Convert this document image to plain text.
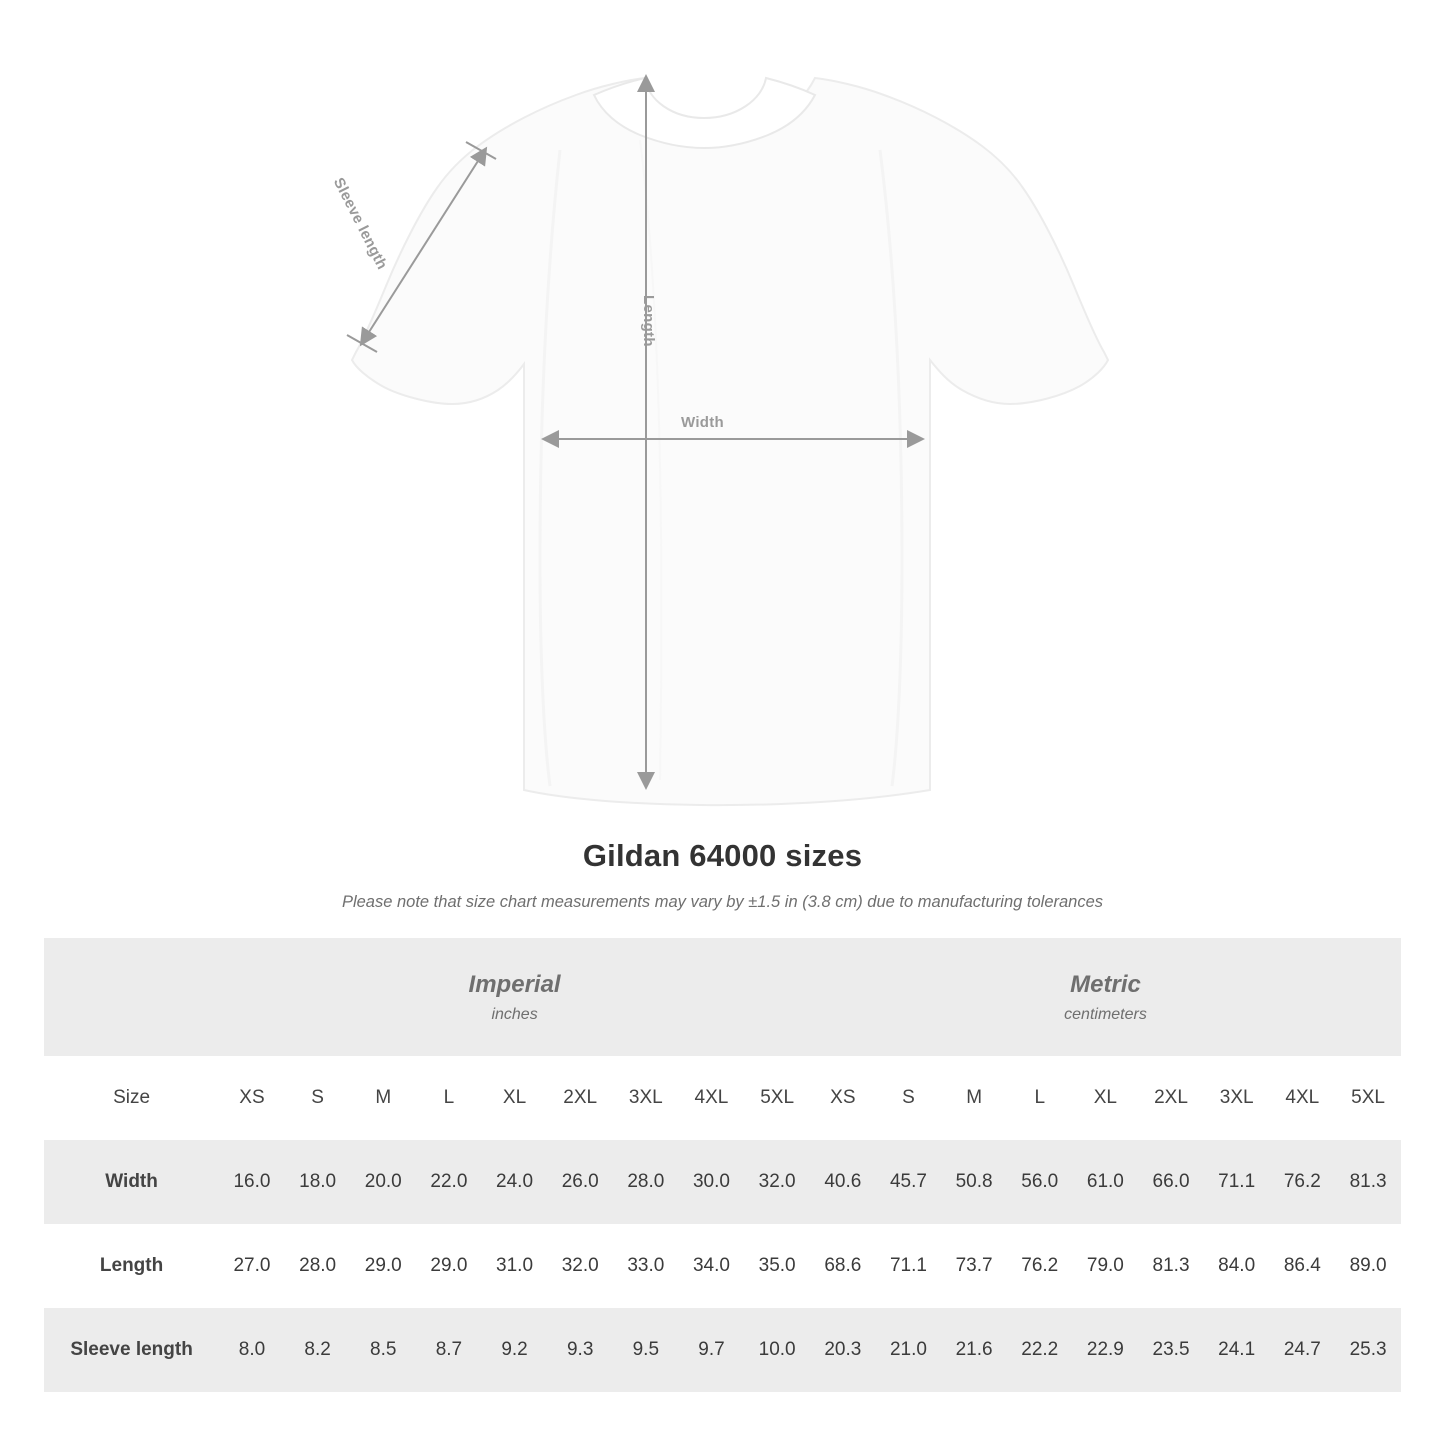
Sleeve length
Length
Width
Gildan 64000 sizes
Please note that size chart measurements may vary by ±1.5 in (3.8 cm) due to manufacturing tolerances

Imperial
inches

Metric
centimeters

Size	XS	S	M	L	XL	2XL	3XL	4XL	5XL	XS	S	M	L	XL	2XL	3XL	4XL	5XL
Width	16.0	18.0	20.0	22.0	24.0	26.0	28.0	30.0	32.0	40.6	45.7	50.8	56.0	61.0	66.0	71.1	76.2	81.3
Length	27.0	28.0	29.0	29.0	31.0	32.0	33.0	34.0	35.0	68.6	71.1	73.7	76.2	79.0	81.3	84.0	86.4	89.0
Sleeve length	8.0	8.2	8.5	8.7	9.2	9.3	9.5	9.7	10.0	20.3	21.0	21.6	22.2	22.9	23.5	24.1	24.7	25.3
